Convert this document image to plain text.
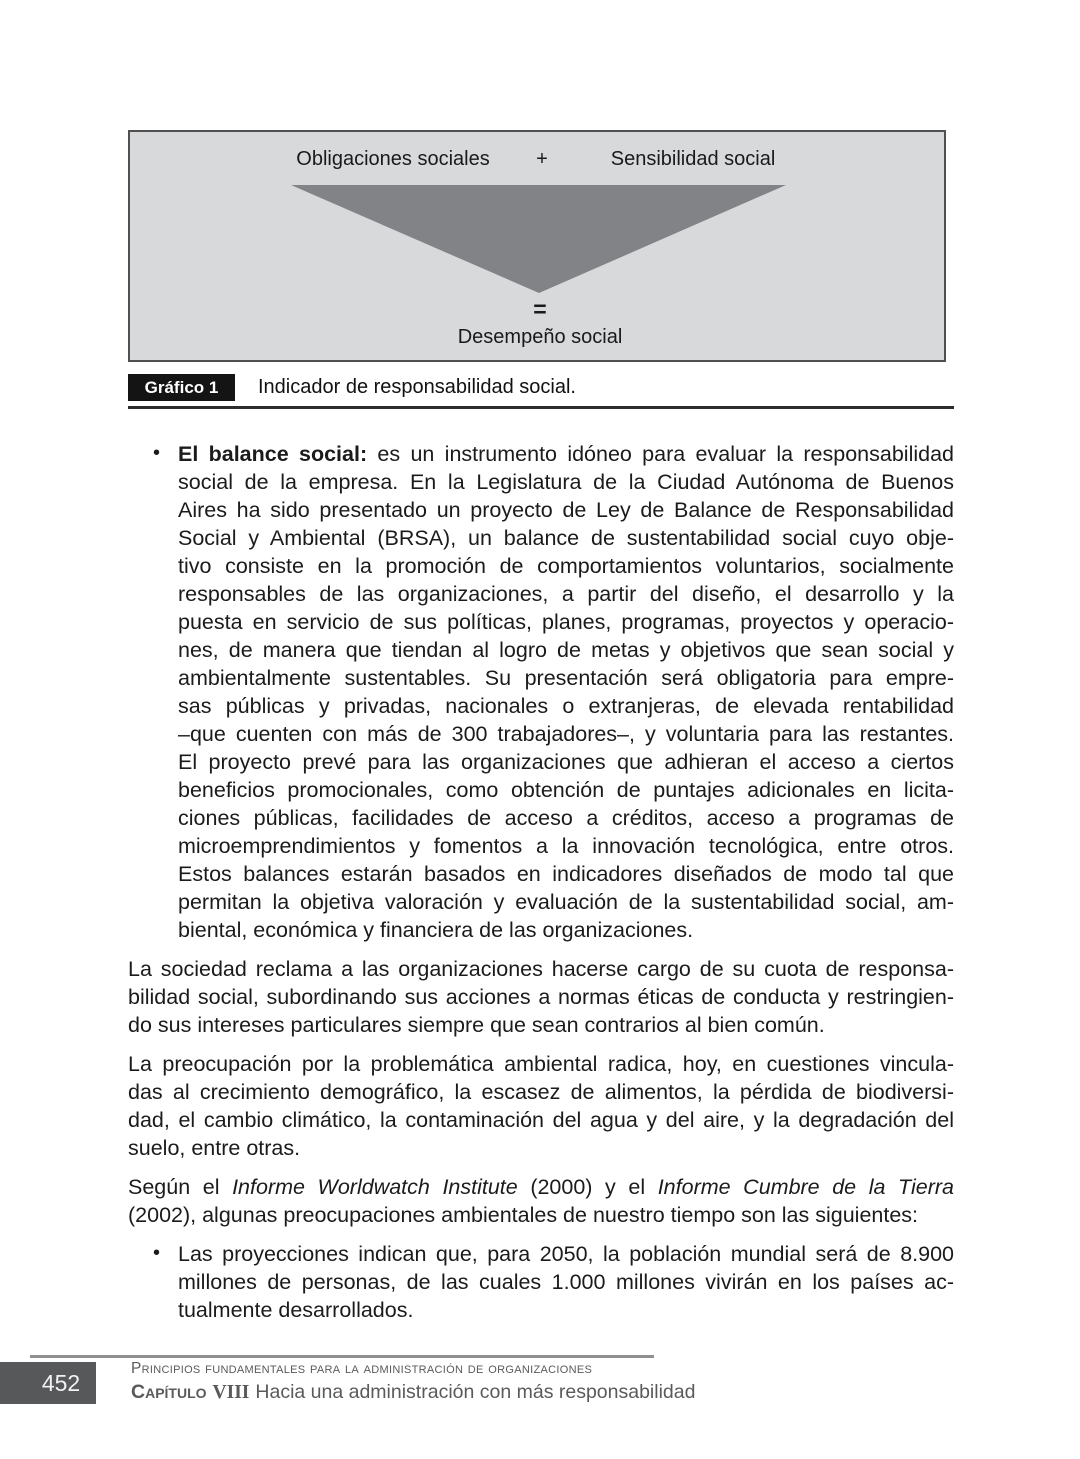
Obligaciones sociales +	Sensibilidad social
=
Desempeño social
Gráfico 1	Indicador de responsabilidad social.
• El balance social: es un instrumento idóneo para evaluar la responsabilidad
social de la empresa. En la Legislatura de la Ciudad Autónoma de Buenos
Aires ha sido presentado un proyecto de Ley de Balance de Responsabilidad
Social y Ambiental (BRSA), un balance de sustentabilidad social cuyo obje-
tivo consiste en la promoción de comportamientos voluntarios, socialmente
responsables de las organizaciones, a partir del diseño, el desarrollo y la
puesta en servicio de sus políticas, planes, programas, proyectos y operacio-
nes, de manera que tiendan al logro de metas y objetivos que sean social y
ambientalmente sustentables. Su presentación será obligatoria para empre-
sas públicas y privadas, nacionales o extranjeras, de elevada rentabilidad
–que cuenten con más de 300 trabajadores–, y voluntaria para las restantes.
El proyecto prevé para las organizaciones que adhieran el acceso a ciertos
beneficios promocionales, como obtención de puntajes adicionales en licita-
ciones públicas, facilidades de acceso a créditos, acceso a programas de
microemprendimientos y fomentos a la innovación tecnológica, entre otros.
Estos balances estarán basados en indicadores diseñados de modo tal que
permitan la objetiva valoración y evaluación de la sustentabilidad social, am-
biental, económica y financiera de las organizaciones.
La sociedad reclama a las organizaciones hacerse cargo de su cuota de responsa-
bilidad social, subordinando sus acciones a normas éticas de conducta y restringien-
do sus intereses particulares siempre que sean contrarios al bien común.
La preocupación por la problemática ambiental radica, hoy, en cuestiones vincula-
das al crecimiento demográfico, la escasez de alimentos, la pérdida de biodiversi-
dad, el cambio climático, la contaminación del agua y del aire, y la degradación del
suelo, entre otras.
Según el Informe Worldwatch Institute (2000) y el Informe Cumbre de la Tierra
(2002), algunas preocupaciones ambientales de nuestro tiempo son las siguientes:
• Las proyecciones indican que, para 2050, la población mundial será de 8.900
millones de personas, de las cuales 1.000 millones vivirán en los países ac-
tualmente desarrollados.
452
Principios fundamentales para la administración de organizaciones
Capítulo VIII Hacia una administración con más responsabilidad
